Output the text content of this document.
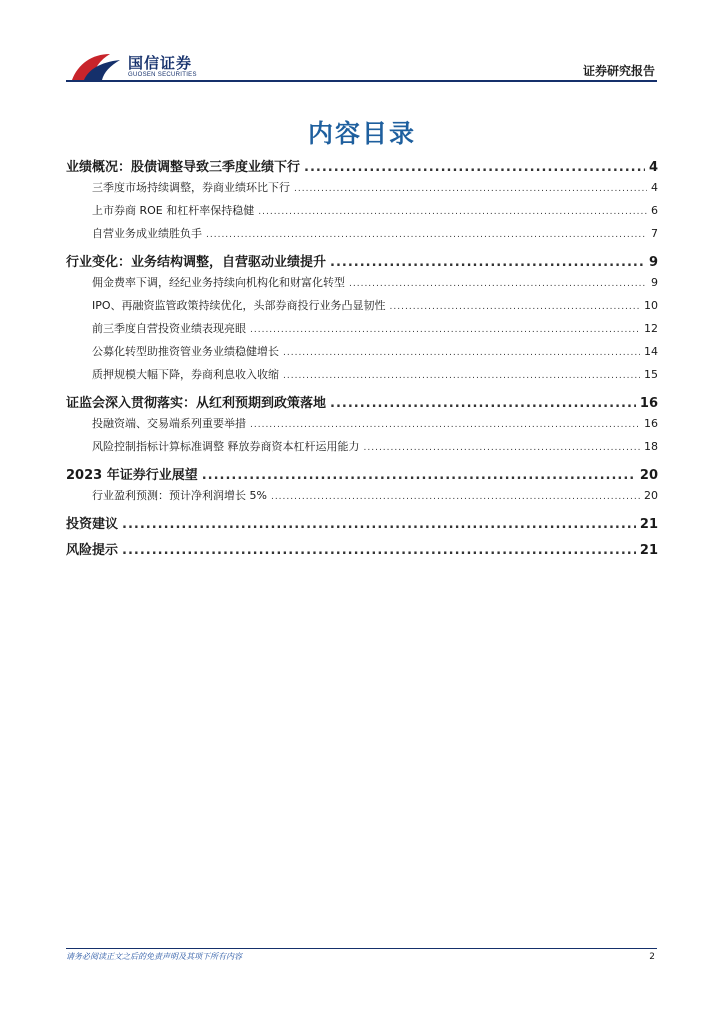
国信证券
GUOSEN SECURITIES	证券研究报告
内容目录
业绩概况：股债调整导致三季度业绩下行 .....	4
三季度市场持续调整，券商业绩环比下行 .....	4
上市券商 ROE 和杠杆率保持稳健 .....	6
自营业务成业绩胜负手 .....	7
行业变化：业务结构调整，自营驱动业绩提升 .....	9
佣金费率下调，经纪业务持续向机构化和财富化转型 .....	9
IPO、再融资监管政策持续优化，头部券商投行业务凸显韧性 .....	10
前三季度自营投资业绩表现亮眼 .....	12
公募化转型助推资管业务业绩稳健增长 .....	14
质押规模大幅下降，券商利息收入收缩 .....	15
证监会深入贯彻落实：从红利预期到政策落地 .....	16
投融资端、交易端系列重要举措 .....	16
风险控制指标计算标准调整 释放券商资本杠杆运用能力 .....	18
2023 年证券行业展望 .....	20
行业盈利预测：预计净利润增长 5% .....	20
投资建议 .....	21
风险提示 .....	21
请务必阅读正文之后的免责声明及其项下所有内容	2
